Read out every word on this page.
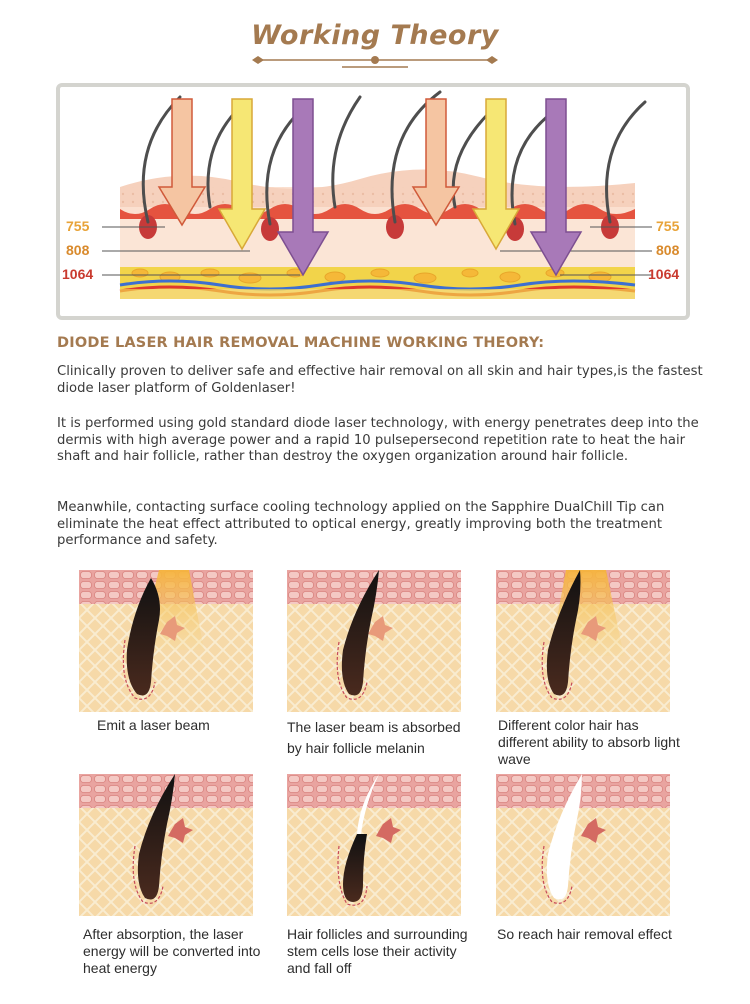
Working Theory
755
808
1064
755
808
1064
DIODE LASER HAIR REMOVAL MACHINE WORKING THEORY:

Clinically proven to deliver safe and effective hair removal on all skin and hair types,is the fastest diode laser platform of Goldenlaser!

It is performed using gold standard diode laser technology, with energy penetrates deep into the dermis with high average power and a rapid 10 pulsepersecond repetition rate to heat the hair shaft and hair follicle, rather than destroy the oxygen organization around hair follicle.

Meanwhile, contacting surface cooling technology applied on the Sapphire DualChill Tip can eliminate the heat effect attributed to optical energy, greatly improving both the treatment performance and safety.

Emit a laser beam	The laser beam is absorbed by hair follicle melanin
Different color hair has different ability to absorb light wave
After absorption, the laser energy will be converted into heat energy
Hair follicles and surrounding stem cells lose their activity and fall off
So reach hair removal effect
